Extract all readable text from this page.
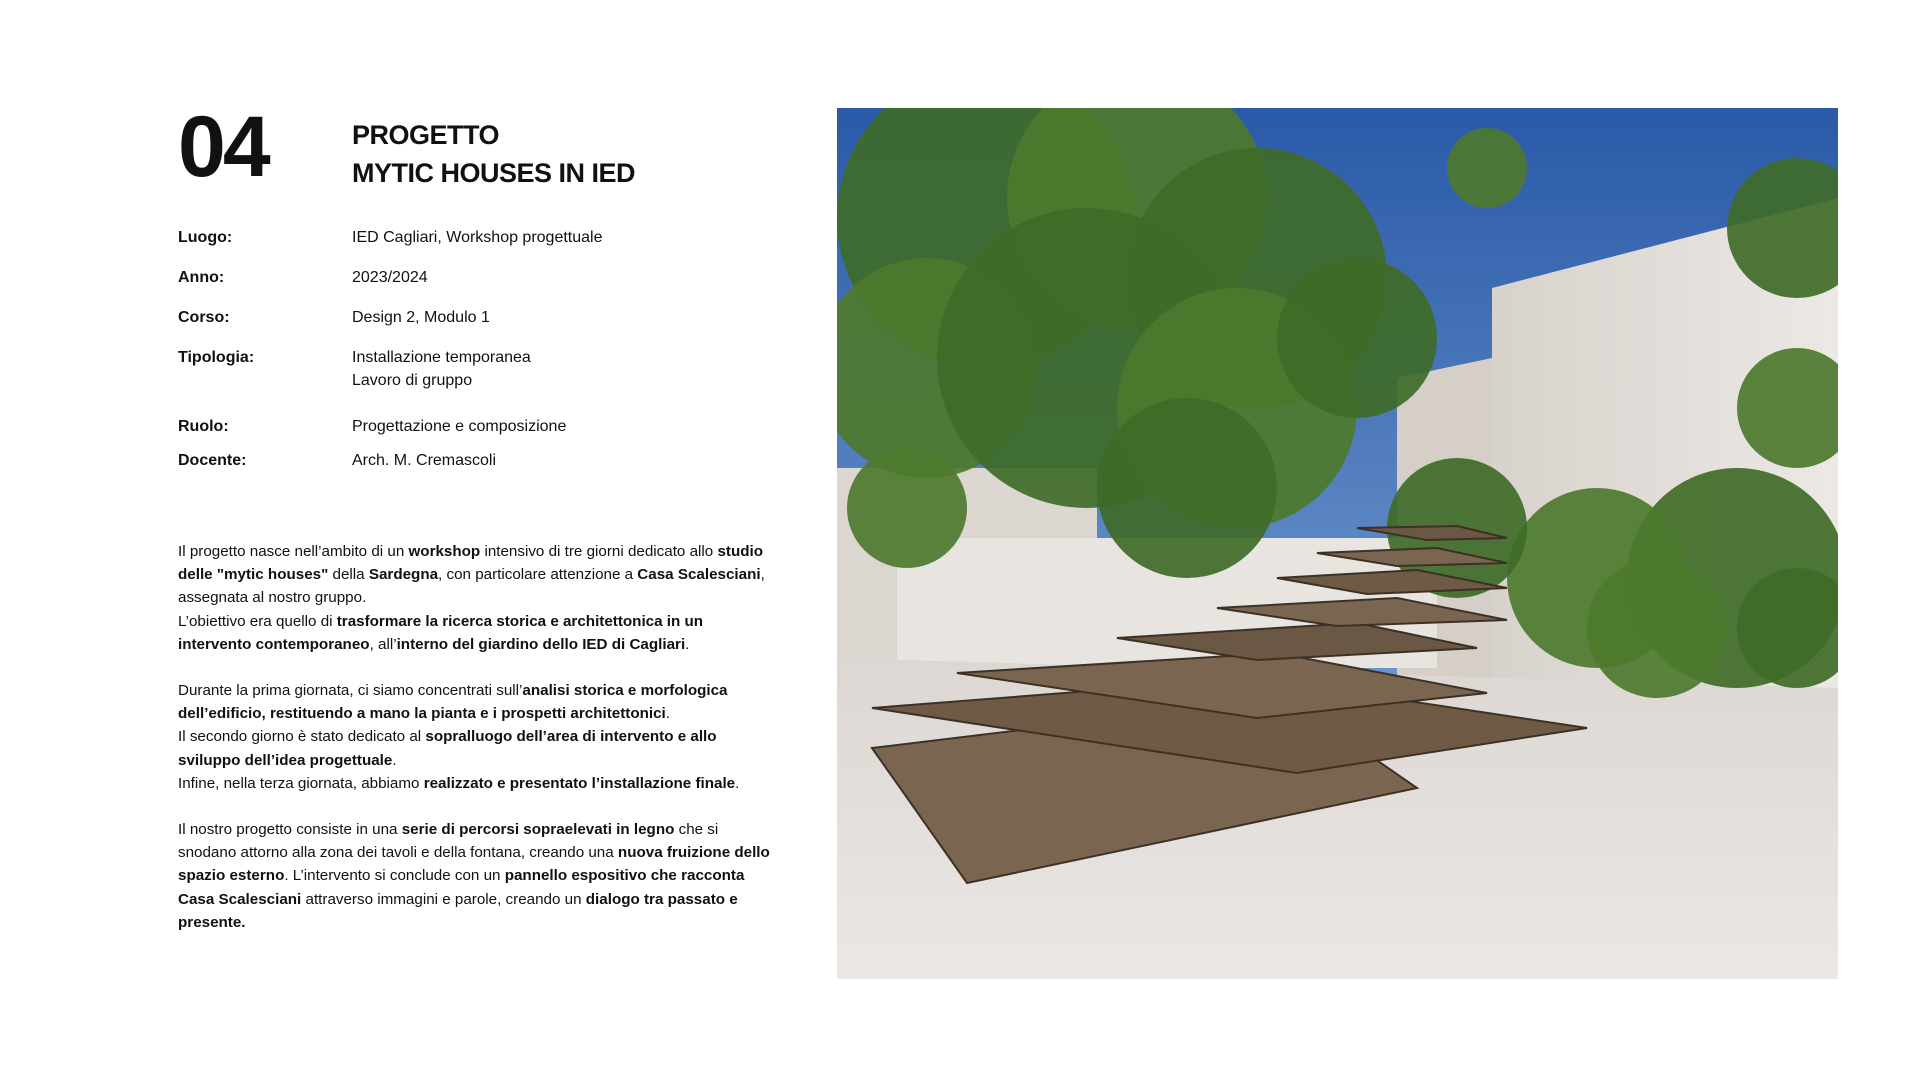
04	PROGETTO
MYTIC HOUSES IN IED
Luogo:	IED Cagliari, Workshop progettuale
Anno:	2023/2024
Corso:	Design 2, Modulo 1
Tipologia:	Installazione temporanea
Lavoro di gruppo
Ruolo:	Progettazione e composizione
Docente:	Arch. M. Cremascoli

Il progetto nasce nell’ambito di un workshop intensivo di tre giorni dedicato allo studio delle "mytic houses" della Sardegna, con particolare attenzione a Casa Scalesciani, assegnata al nostro gruppo.
L’obiettivo era quello di trasformare la ricerca storica e architettonica in un intervento contemporaneo, all’interno del giardino dello IED di Cagliari.

Durante la prima giornata, ci siamo concentrati sull’analisi storica e morfologica dell’edificio, restituendo a mano la pianta e i prospetti architettonici.
Il secondo giorno è stato dedicato al sopralluogo dell’area di intervento e allo sviluppo dell’idea progettuale.
Infine, nella terza giornata, abbiamo realizzato e presentato l’installazione finale.

Il nostro progetto consiste in una serie di percorsi sopraelevati in legno che si snodano attorno alla zona dei tavoli e della fontana, creando una nuova fruizione dello spazio esterno. L’intervento si conclude con un pannello espositivo che racconta Casa Scalesciani attraverso immagini e parole, creando un dialogo tra passato e presente.
